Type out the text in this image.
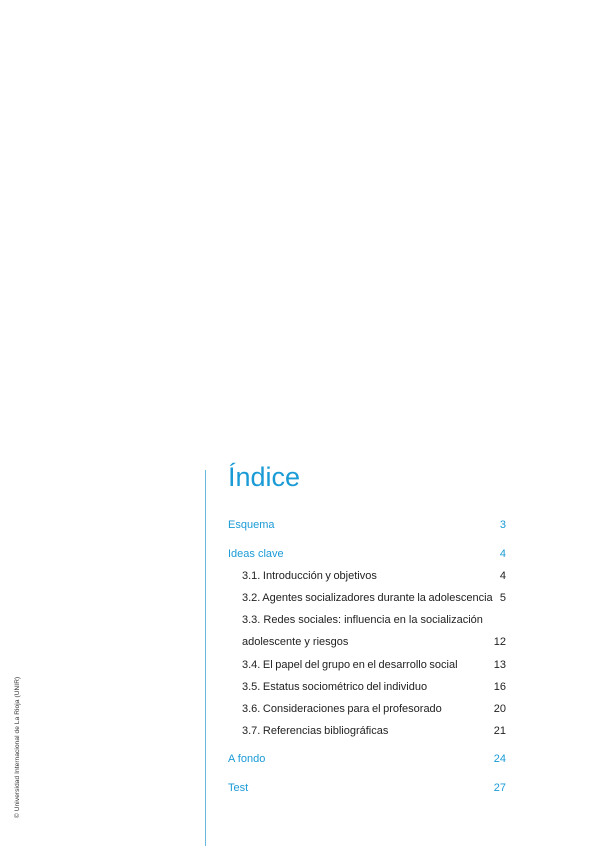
© Universidad Internacional de La Rioja (UNIR)
Índice
Esquema	3
Ideas clave	4
3.1. Introducción y objetivos	4
3.2. Agentes socializadores durante la adolescencia 5
3.3. Redes sociales: influencia en la socialización
adolescente y riesgos	12
3.4. El papel del grupo en el desarrollo social	13
3.5. Estatus sociométrico del individuo	16
3.6. Consideraciones para el profesorado	20
3.7. Referencias bibliográficas	21
A fondo	24
Test	27
